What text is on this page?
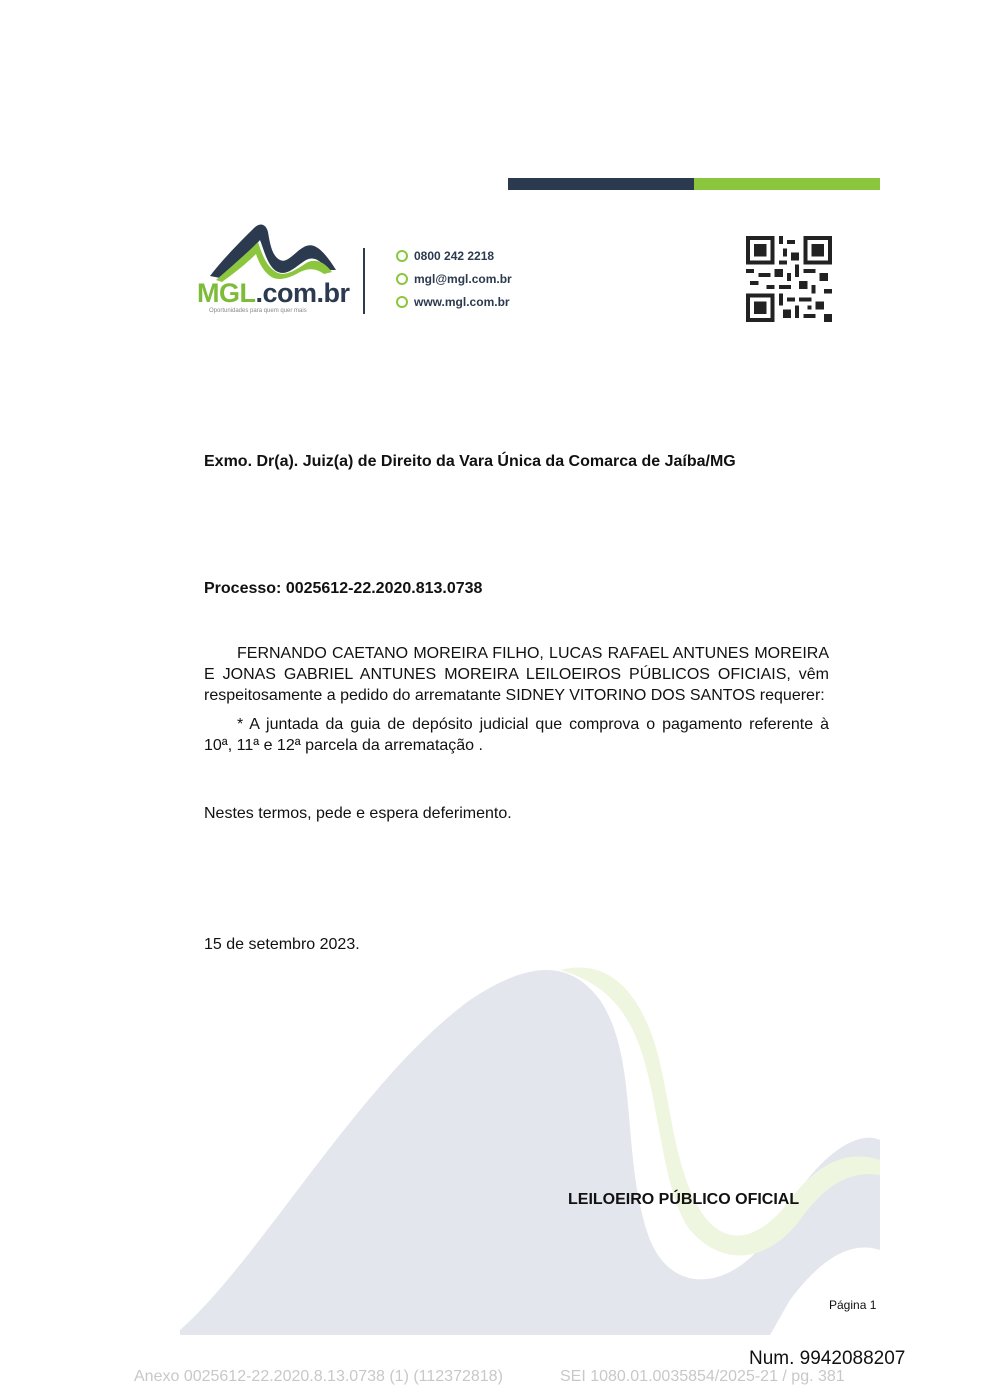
MGL.com.br
Oportunidades para quem quer mais
0800 242 2218
mgl@mgl.com.br
www.mgl.com.br
Exmo. Dr(a). Juiz(a) de Direito da Vara Única da Comarca de Jaíba/MG
Processo: 0025612-22.2020.813.0738
FERNANDO CAETANO MOREIRA FILHO, LUCAS RAFAEL ANTUNES MOREIRA E JONAS GABRIEL ANTUNES MOREIRA LEILOEIROS PÚBLICOS OFICIAIS, vêm respeitosamente a pedido do arrematante SIDNEY VITORINO DOS SANTOS requerer:
* A juntada da guia de depósito judicial que comprova o pagamento referente à 10ª, 11ª e 12ª parcela da arrematação .
Nestes termos, pede e espera deferimento.
15 de setembro 2023.
LEILOEIRO PÚBLICO OFICIAL
Página 1
Num. 9942088207
Anexo 0025612-22.2020.8.13.0738 (1) (112372818)	SEI 1080.01.0035854/2025-21 / pg. 381
